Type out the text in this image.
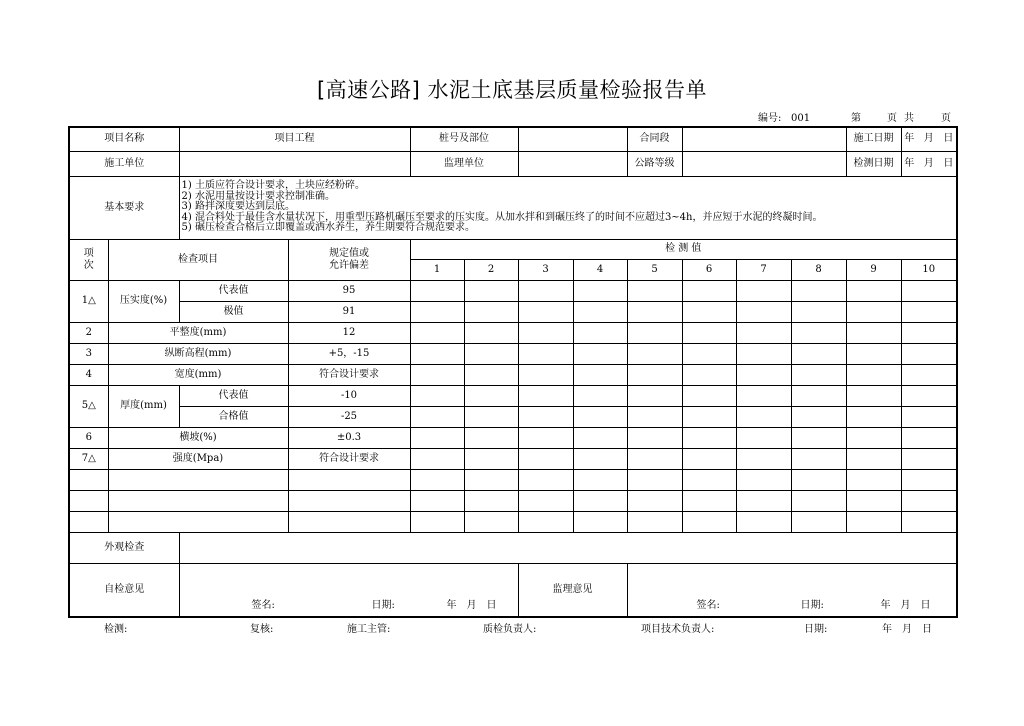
[高速公路] 水泥土底基层质量检验报告单
编号: 001	第	页 共	页
项目名称		项目工程		桩号及部位				合同段				施工日期	年 月 日
施工单位				监理单位				公路等级				检测日期	年 月 日
基本要求		1) 土质应符合设计要求，土块应经粉碎。
2) 水泥用量按设计要求控制准确。
3) 路拌深度要达到层底。
4) 混合料处于最佳含水量状况下，用重型压路机碾压至要求的压实度。从加水拌和到碾压终了的时间不应超过3~4h，并应短于水泥的终凝时间。
5) 碾压检查合格后立即覆盖或洒水养生，养生期要符合规范要求。											

项次	检查项目		规定值或
允许偏差	检 测 值									
				1	2	3	4	5	6	7	8	9	10
1△	压实度(%)	代表值	95										
		极值	91										
2	平整度(mm)		12										
3	纵断高程(mm)		+5，-15										
4	宽度(mm)		符合设计要求										
5△	厚度(mm)	代表值	-10										
		合格值	-25										
6	横坡(%)		±0.3										
7△	强度(Mpa)		符合设计要求										

外观检查													
自检意见		签名: 日期: 年　月　日				监理意见		签名: 日期: 年　月　日					
检测:	复核:	施工主管:	质检负责人:	项目技术负责人:	日期:	年　月　日
